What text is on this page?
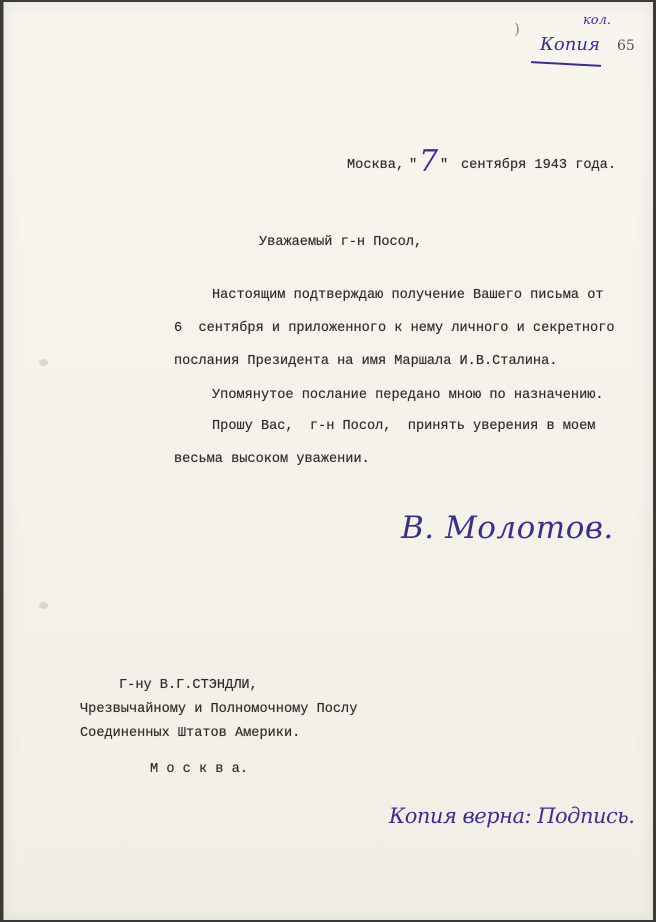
)	кол.
Копия 65
Москва, " 7 " сентября 1943 года.
Уважаемый г-н Посол,
Настоящим подтверждаю получение Вашего письма от
6  сентября и приложенного к нему личного и секретного
послания Президента на имя Маршала И.В.Сталина.
Упомянутое послание передано мною по назначению.
Прошу Вас,  г-н Посол,  принять уверения в моем
весьма высоком уважении.
В. Молотов.
Г-ну В.Г.СТЭНДЛИ,
Чрезвычайному и Полномочному Послу
Соединенных Штатов Америки.
М о с к в а.
Копия верна: Подпись.
